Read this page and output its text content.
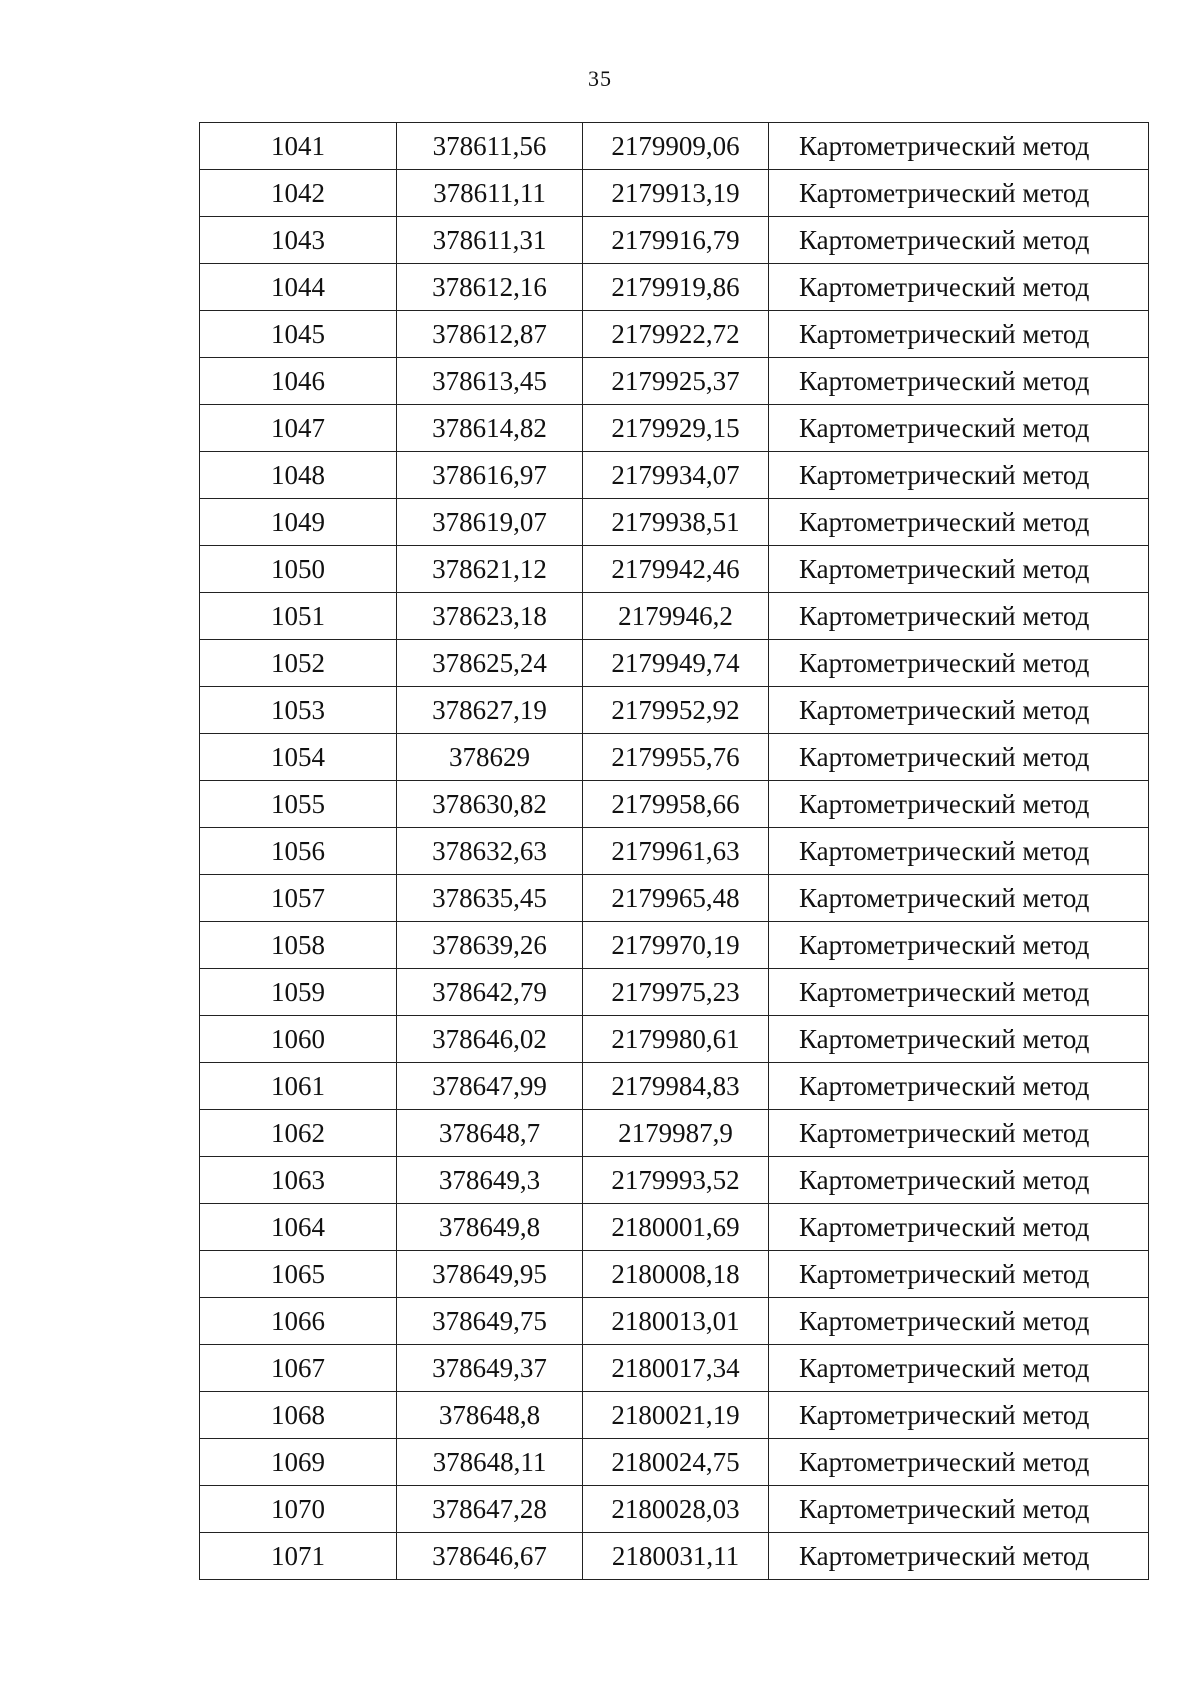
35
1041	378611,56	2179909,06	Картометрический метод
1042	378611,11	2179913,19	Картометрический метод
1043	378611,31	2179916,79	Картометрический метод
1044	378612,16	2179919,86	Картометрический метод
1045	378612,87	2179922,72	Картометрический метод
1046	378613,45	2179925,37	Картометрический метод
1047	378614,82	2179929,15	Картометрический метод
1048	378616,97	2179934,07	Картометрический метод
1049	378619,07	2179938,51	Картометрический метод
1050	378621,12	2179942,46	Картометрический метод
1051	378623,18	2179946,2	Картометрический метод
1052	378625,24	2179949,74	Картометрический метод
1053	378627,19	2179952,92	Картометрический метод
1054	378629	2179955,76	Картометрический метод
1055	378630,82	2179958,66	Картометрический метод
1056	378632,63	2179961,63	Картометрический метод
1057	378635,45	2179965,48	Картометрический метод
1058	378639,26	2179970,19	Картометрический метод
1059	378642,79	2179975,23	Картометрический метод
1060	378646,02	2179980,61	Картометрический метод
1061	378647,99	2179984,83	Картометрический метод
1062	378648,7	2179987,9	Картометрический метод
1063	378649,3	2179993,52	Картометрический метод
1064	378649,8	2180001,69	Картометрический метод
1065	378649,95	2180008,18	Картометрический метод
1066	378649,75	2180013,01	Картометрический метод
1067	378649,37	2180017,34	Картометрический метод
1068	378648,8	2180021,19	Картометрический метод
1069	378648,11	2180024,75	Картометрический метод
1070	378647,28	2180028,03	Картометрический метод
1071	378646,67	2180031,11	Картометрический метод
